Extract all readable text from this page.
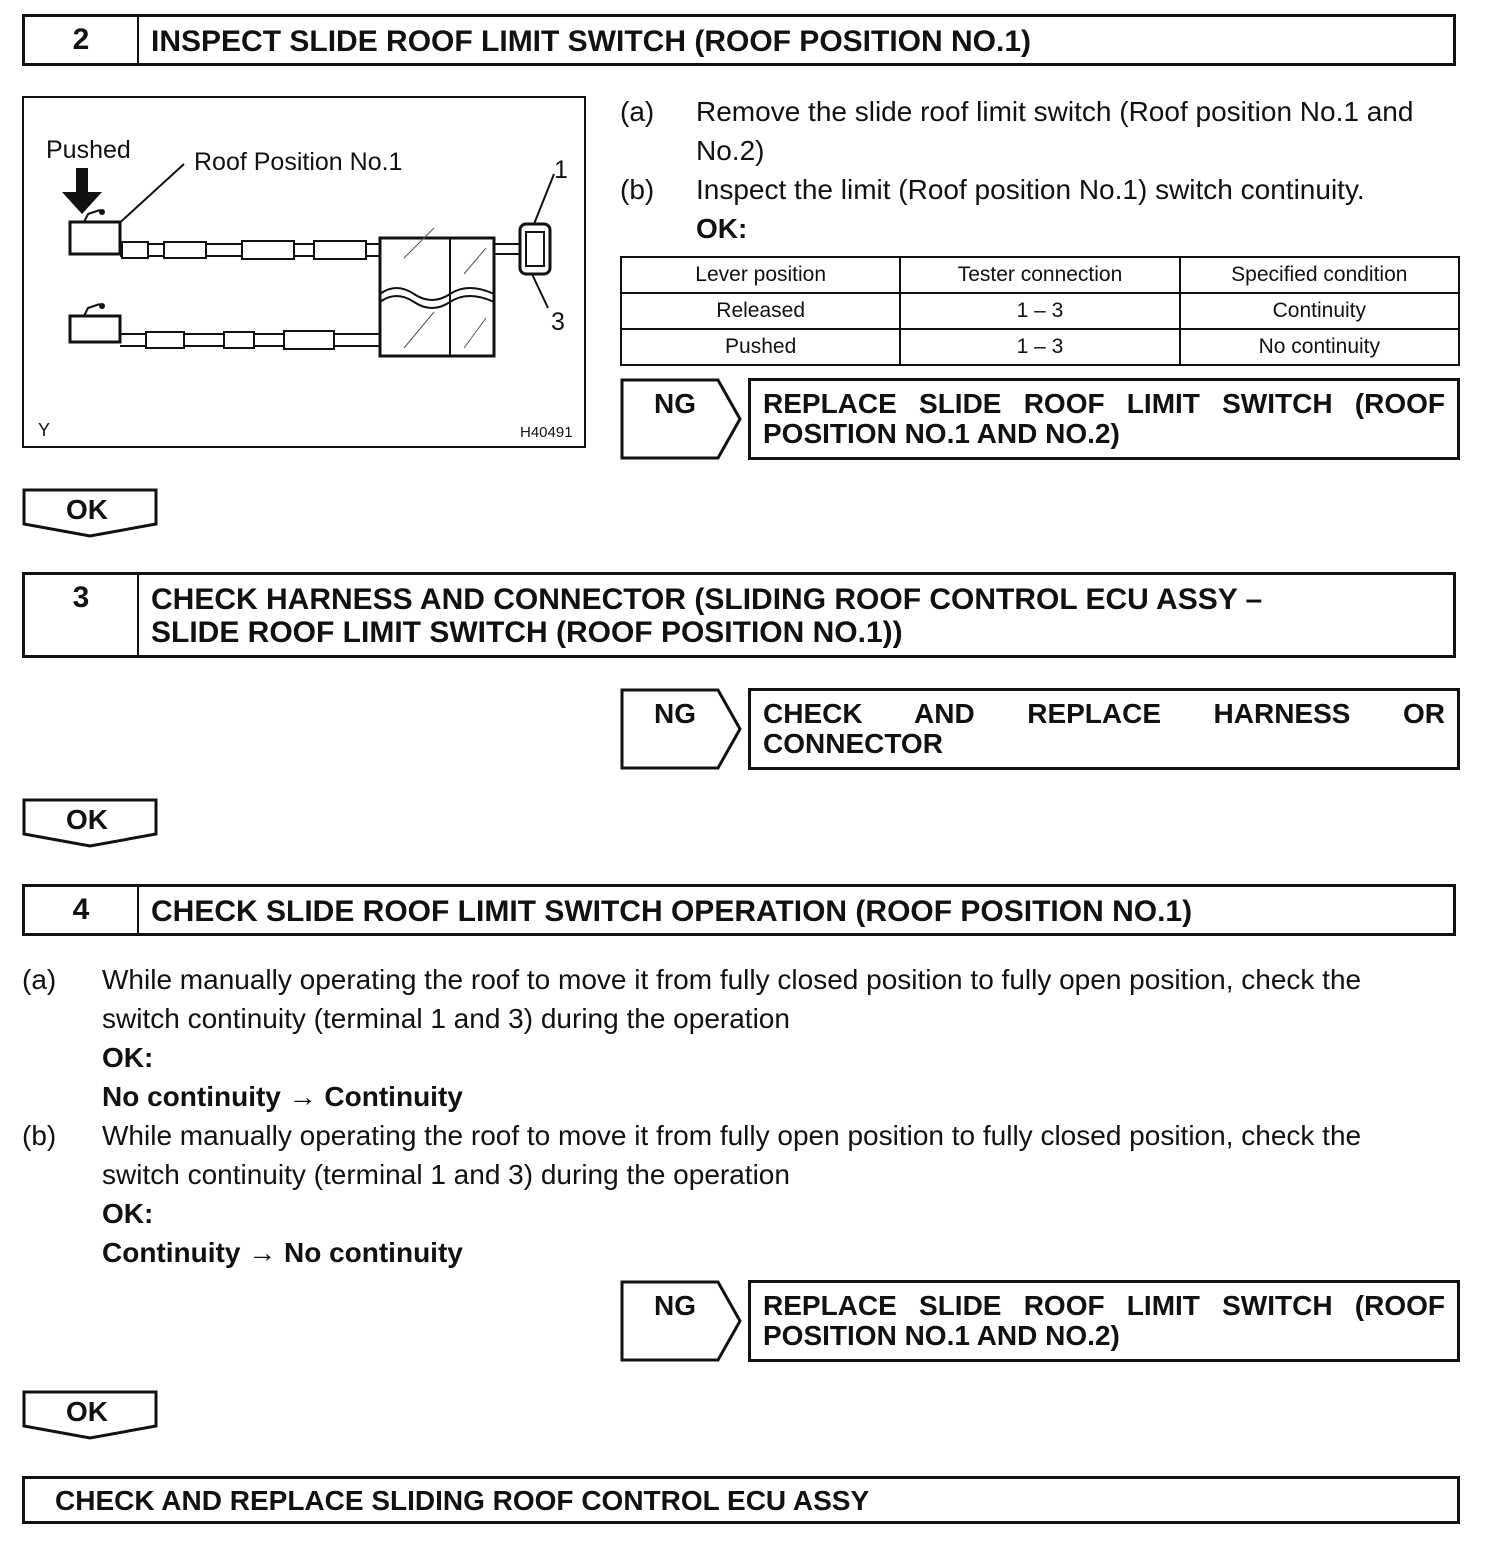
2	INSPECT SLIDE ROOF LIMIT SWITCH (ROOF POSITION NO.1)
Pushed	Roof Position No.1	1
3
Y	H40491
(a) Remove the slide roof limit switch (Roof position No.1 and No.2)
(b) Inspect the limit (Roof position No.1) switch continuity.
OK:
Lever position	Tester connection	Specified condition
Released	1 – 3	Continuity
Pushed	1 – 3	No continuity
NG REPLACE SLIDE ROOF LIMIT SWITCH (ROOF
POSITION NO.1 AND NO.2)
OK
3	CHECK HARNESS AND CONNECTOR (SLIDING ROOF CONTROL ECU ASSY –
SLIDE ROOF LIMIT SWITCH (ROOF POSITION NO.1))
NG CHECK AND REPLACE HARNESS OR
CONNECTOR
OK
4	CHECK SLIDE ROOF LIMIT SWITCH OPERATION (ROOF POSITION NO.1)
(a) While manually operating the roof to move it from fully closed position to fully open position, check the
switch continuity (terminal 1 and 3) during the operation
OK:
No continuity → Continuity
(b) While manually operating the roof to move it from fully open position to fully closed position, check the
switch continuity (terminal 1 and 3) during the operation
OK:
Continuity → No continuity
NG REPLACE SLIDE ROOF LIMIT SWITCH (ROOF
POSITION NO.1 AND NO.2)
OK
CHECK AND REPLACE SLIDING ROOF CONTROL ECU ASSY
